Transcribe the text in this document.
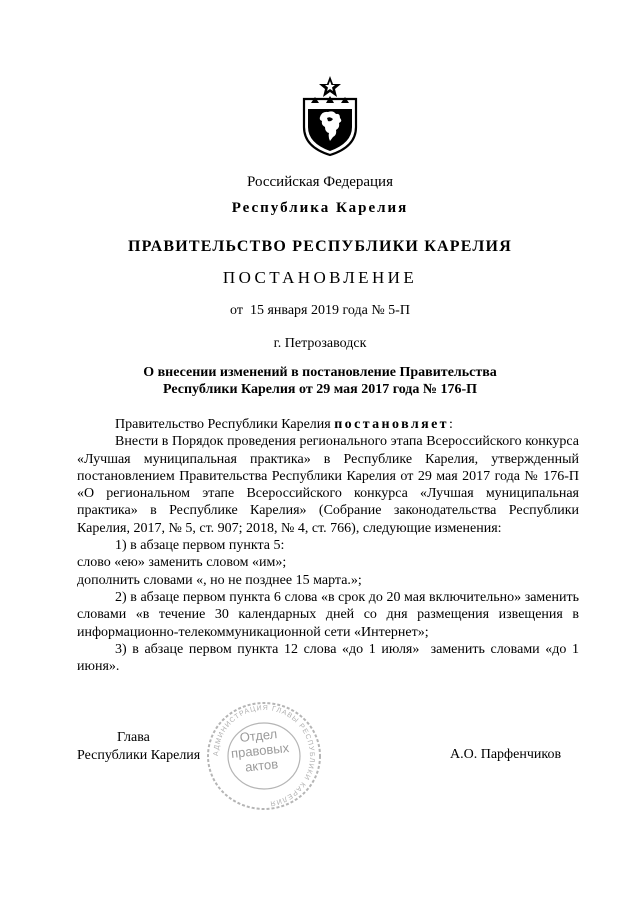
Российская Федерация
Республика Карелия
ПРАВИТЕЛЬСТВО РЕСПУБЛИКИ КАРЕЛИЯ
ПОСТАНОВЛЕНИЕ
от  15 января 2019 года № 5-П
г. Петрозаводск
О внесении изменений в постановление Правительства
Республики Карелия от 29 мая 2017 года № 176-П

Правительство Республики Карелия постановляет:

Внести в Порядок проведения регионального этапа Всероссийского конкурса «Лучшая муниципальная практика» в Республике Карелия, утвержденный постановлением Правительства Республики Карелия от 29 мая 2017 года № 176-П «О региональном этапе Всероссийского конкурса «Лучшая муниципальная практика» в Республике Карелия» (Собрание законодательства Республики Карелия, 2017, № 5, ст. 907; 2018, № 4, ст. 766), следующие изменения:

1) в абзаце первом пункта 5:

слово «ею» заменить словом «им»;

дополнить словами «, но не позднее 15 марта.»;

2) в абзаце первом пункта 6 слова «в срок до 20 мая включительно» заменить словами «в течение 30 календарных дней со дня размещения извещения в информационно-телекоммуникационной сети «Интернет»;

3) в абзаце первом пункта 12 слова «до 1 июля»  заменить словами «до 1 июня».

АДМИНИСТРАЦИЯ ГЛАВЫ РЕСПУБЛИКИ КАРЕЛИЯ
Отдел
правовых
актов
Глава
Республики Карелия	А.О. Парфенчиков
